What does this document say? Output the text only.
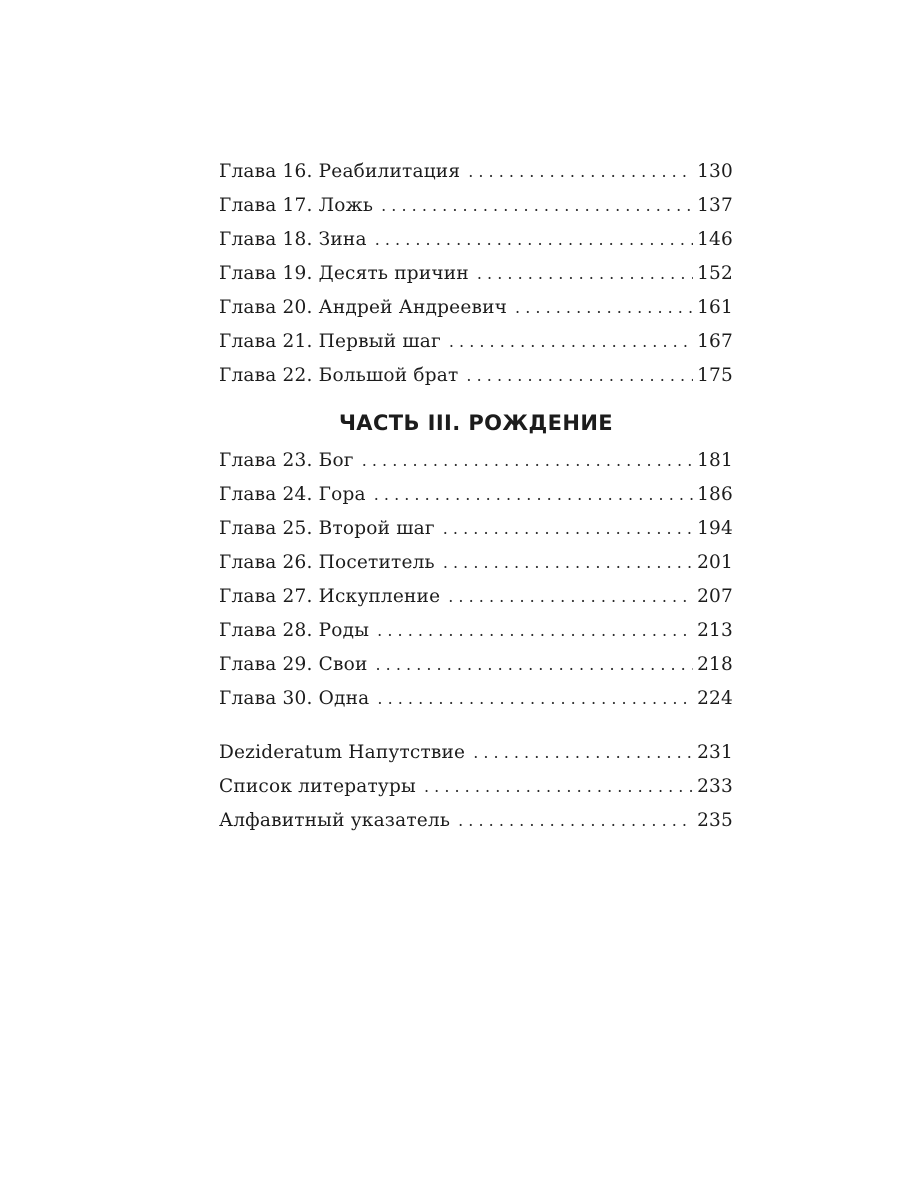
Глава 16. Реабилитация . . .	130
Глава 17. Ложь . . .	137
Глава 18. Зина . . .	146
Глава 19. Десять причин . . .	152
Глава 20. Андрей Андреевич . . .	161
Глава 21. Первый шаг . . .	167
Глава 22. Большой брат . . .	175
ЧАСТЬ III. РОЖДЕНИЕ
Глава 23. Бог . . .	181
Глава 24. Гора . . .	186
Глава 25. Второй шаг . . .	194
Глава 26. Посетитель . . .	201
Глава 27. Искупление . . .	207
Глава 28. Роды . . .	213
Глава 29. Свои . . .	218
Глава 30. Одна . . .	224
Deziderаtum Напутствие . . .	231
Список литературы . . .	233
Алфавитный указатель . . .	235
